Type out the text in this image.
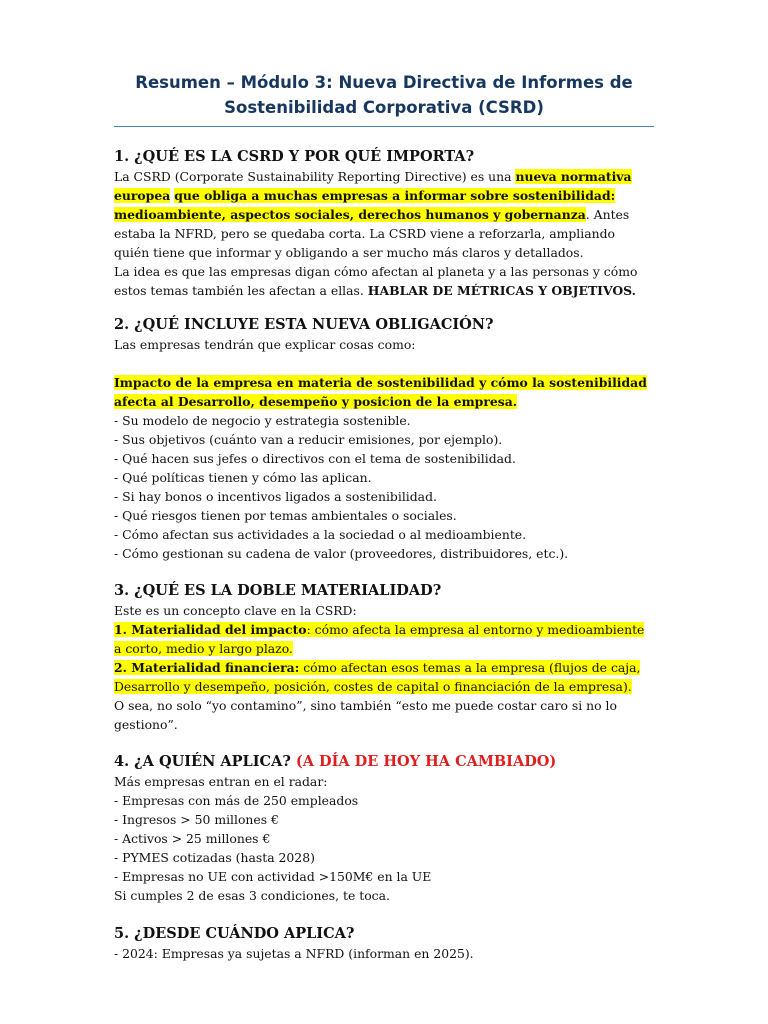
Resumen – Módulo 3: Nueva Directiva de Informes de Sostenibilidad Corporativa (CSRD)
1. ¿QUÉ ES LA CSRD Y POR QUÉ IMPORTA?

La CSRD (Corporate Sustainability Reporting Directive) es una nueva normativa europea que obliga a muchas empresas a informar sobre sostenibilidad: medioambiente, aspectos sociales, derechos humanos y gobernanza. Antes estaba la NFRD, pero se quedaba corta. La CSRD viene a reforzarla, ampliando quién tiene que informar y obligando a ser mucho más claros y detallados.

La idea es que las empresas digan cómo afectan al planeta y a las personas y cómo estos temas también les afectan a ellas. HABLAR DE MÉTRICAS Y OBJETIVOS.

2. ¿QUÉ INCLUYE ESTA NUEVA OBLIGACIÓN?

Las empresas tendrán que explicar cosas como:

Impacto de la empresa en materia de sostenibilidad y cómo la sostenibilidad afecta al Desarrollo, desempeño y posicion de la empresa.

- Su modelo de negocio y estrategia sostenible.

- Sus objetivos (cuánto van a reducir emisiones, por ejemplo).

- Qué hacen sus jefes o directivos con el tema de sostenibilidad.

- Qué políticas tienen y cómo las aplican.

- Si hay bonos o incentivos ligados a sostenibilidad.

- Qué riesgos tienen por temas ambientales o sociales.

- Cómo afectan sus actividades a la sociedad o al medioambiente.

- Cómo gestionan su cadena de valor (proveedores, distribuidores, etc.).

3. ¿QUÉ ES LA DOBLE MATERIALIDAD?

Este es un concepto clave en la CSRD:

1. Materialidad del impacto: cómo afecta la empresa al entorno y medioambiente a corto, medio y largo plazo.

2. Materialidad financiera: cómo afectan esos temas a la empresa (flujos de caja, Desarrollo y desempeño, posición, costes de capital o financiación de la empresa).

O sea, no solo “yo contamino”, sino también “esto me puede costar caro si no lo gestiono”.

4. ¿A QUIÉN APLICA? (A DÍA DE HOY HA CAMBIADO)

Más empresas entran en el radar:

- Empresas con más de 250 empleados

- Ingresos > 50 millones €

- Activos > 25 millones €

- PYMES cotizadas (hasta 2028)

- Empresas no UE con actividad >150M€ en la UE

Si cumples 2 de esas 3 condiciones, te toca.

5. ¿DESDE CUÁNDO APLICA?

- 2024: Empresas ya sujetas a NFRD (informan en 2025).
